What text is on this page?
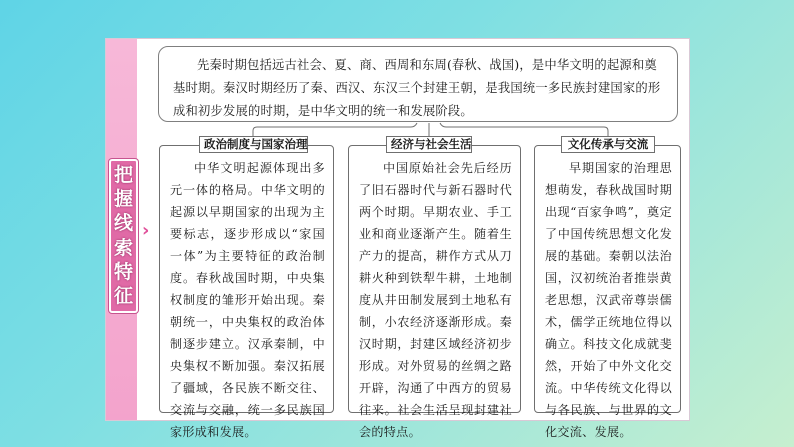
把
握
线
索
特
征
›
先秦时期包括远古社会、夏、商、西周和东周(春秋、战国)，是中华文明的起源和奠基时期。秦汉时期经历了秦、西汉、东汉三个封建王朝，是我国统一多民族封建国家的形成和初步发展的时期，是中华文明的统一和发展阶段。
中华文明起源体现出多元一体的格局。中华文明的起源以早期国家的出现为主要标志，逐步形成以“家国一体”为主要特征的政治制度。春秋战国时期，中央集权制度的雏形开始出现。秦朝统一，中央集权的政治体制逐步建立。汉承秦制，中央集权不断加强。秦汉拓展了疆域，各民族不断交往、交流与交融，统一多民族国家形成和发展。
中国原始社会先后经历了旧石器时代与新石器时代两个时期。早期农业、手工业和商业逐渐产生。随着生产力的提高，耕作方式从刀耕火种到铁犁牛耕，土地制度从井田制发展到土地私有制，小农经济逐渐形成。秦汉时期，封建区域经济初步形成。对外贸易的丝绸之路开辟，沟通了中西方的贸易往来。社会生活呈现封建社会的特点。
早期国家的治理思想萌发，春秋战国时期出现“百家争鸣”，奠定了中国传统思想文化发展的基础。秦朝以法治国，汉初统治者推崇黄老思想，汉武帝尊崇儒术，儒学正统地位得以确立。科技文化成就斐然，开始了中外文化交流。中华传统文化得以与各民族、与世界的文化交流、发展。
政治制度与国家治理	经济与社会生活	文化传承与交流
